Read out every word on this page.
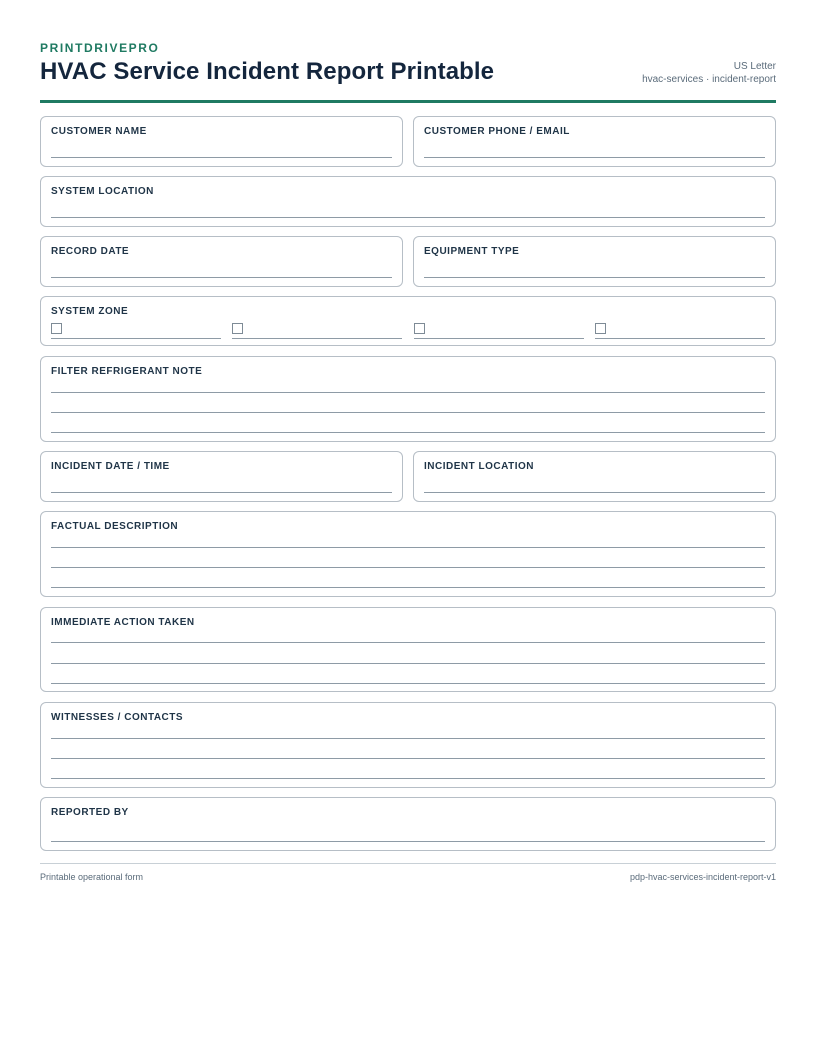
PRINTDRIVEPRO
HVAC Service Incident Report Printable	US Letter
hvac-services · incident-report
CUSTOMER NAME	CUSTOMER PHONE / EMAIL
SYSTEM LOCATION
RECORD DATE	EQUIPMENT TYPE
SYSTEM ZONE
FILTER REFRIGERANT NOTE
INCIDENT DATE / TIME	INCIDENT LOCATION
FACTUAL DESCRIPTION
IMMEDIATE ACTION TAKEN
WITNESSES / CONTACTS
REPORTED BY
Printable operational form	pdp-hvac-services-incident-report-v1
